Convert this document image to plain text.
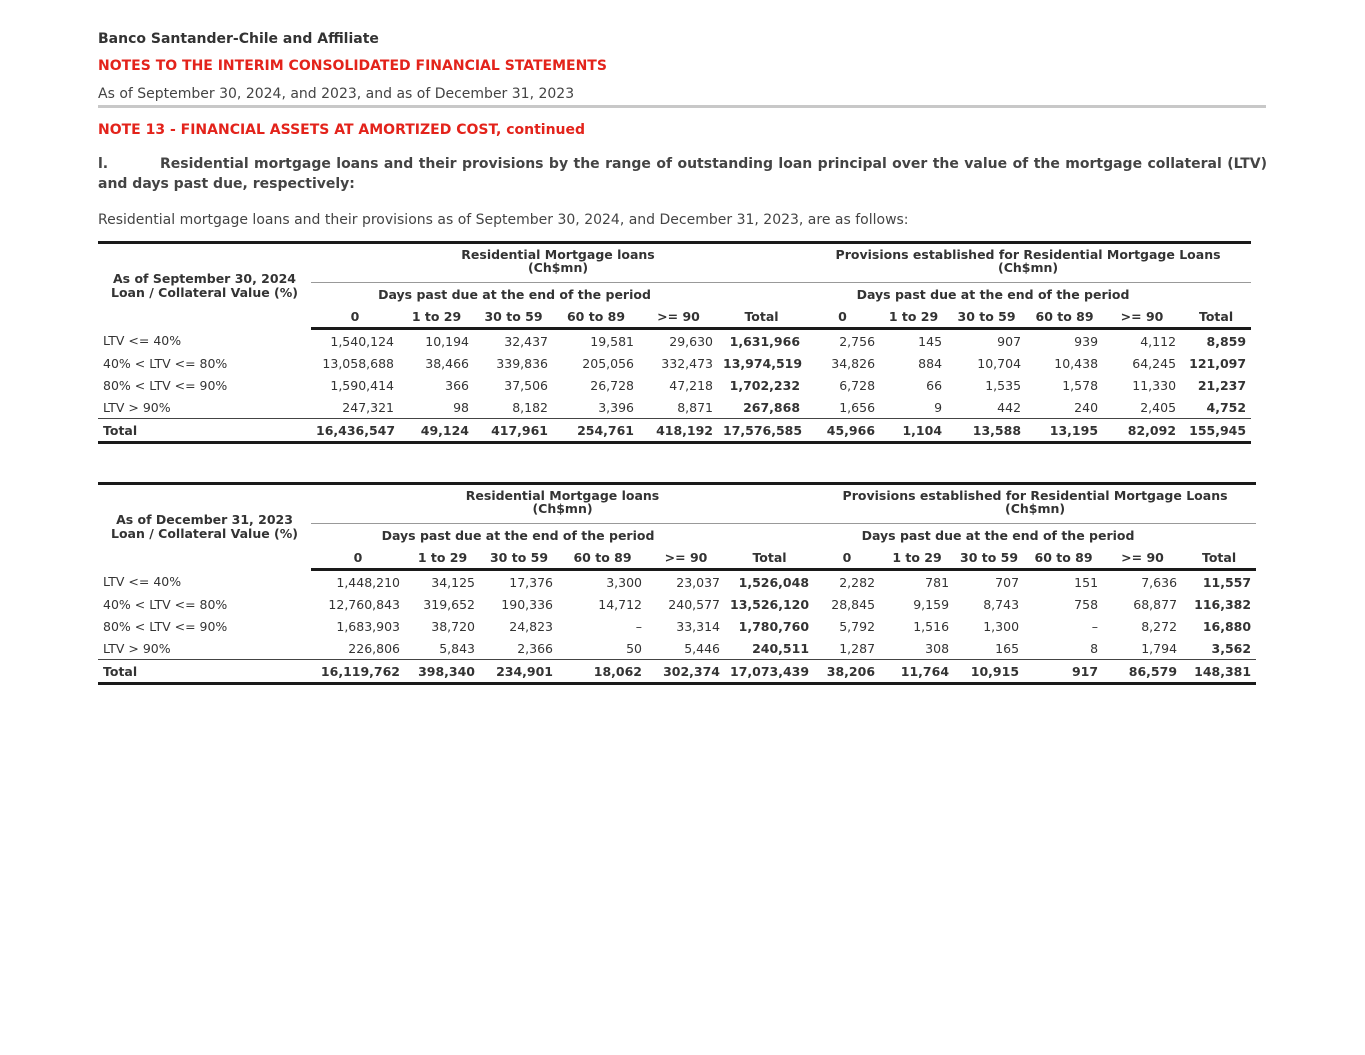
Banco Santander-Chile and Affiliate
NOTES TO THE INTERIM CONSOLIDATED FINANCIAL STATEMENTS
As of September 30, 2024, and 2023, and as of December 31, 2023
NOTE 13 - FINANCIAL ASSETS AT AMORTIZED COST, continued
l.	Residential mortgage loans and their provisions by the range of outstanding loan principal over the value of the mortgage collateral (LTV) and days past due, respectively:
Residential mortgage loans and their provisions as of September 30, 2024, and December 31, 2023, are as follows:
As of September 30, 2024
Loan / Collateral Value (%)	Residential Mortgage loans
(Ch$mn)						Provisions established for Residential Mortgage Loans
(Ch$mn)					
	Days past due at the end of the period						Days past due at the end of the period					
	0	1 to 29	30 to 59	60 to 89	>= 90	Total	0	1 to 29	30 to 59	60 to 89	>= 90	Total
LTV <= 40%	1,540,124	10,194	32,437	19,581	29,630	1,631,966	2,756	145	907	939	4,112	8,859
40% < LTV <= 80%	13,058,688	38,466	339,836	205,056	332,473	13,974,519	34,826	884	10,704	10,438	64,245	121,097
80% < LTV <= 90%	1,590,414	366	37,506	26,728	47,218	1,702,232	6,728	66	1,535	1,578	11,330	21,237
LTV > 90%	247,321	98	8,182	3,396	8,871	267,868	1,656	9	442	240	2,405	4,752
Total	16,436,547	49,124	417,961	254,761	418,192	17,576,585	45,966	1,104	13,588	13,195	82,092	155,945
As of December 31, 2023
Loan / Collateral Value (%)	Residential Mortgage loans
(Ch$mn)						Provisions established for Residential Mortgage Loans
(Ch$mn)					
	Days past due at the end of the period						Days past due at the end of the period					
	0	1 to 29	30 to 59	60 to 89	>= 90	Total	0	1 to 29	30 to 59	60 to 89	>= 90	Total
LTV <= 40%	1,448,210	34,125	17,376	3,300	23,037	1,526,048	2,282	781	707	151	7,636	11,557
40% < LTV <= 80%	12,760,843	319,652	190,336	14,712	240,577	13,526,120	28,845	9,159	8,743	758	68,877	116,382
80% < LTV <= 90%	1,683,903	38,720	24,823	–	33,314	1,780,760	5,792	1,516	1,300	–	8,272	16,880
LTV > 90%	226,806	5,843	2,366	50	5,446	240,511	1,287	308	165	8	1,794	3,562
Total	16,119,762	398,340	234,901	18,062	302,374	17,073,439	38,206	11,764	10,915	917	86,579	148,381
